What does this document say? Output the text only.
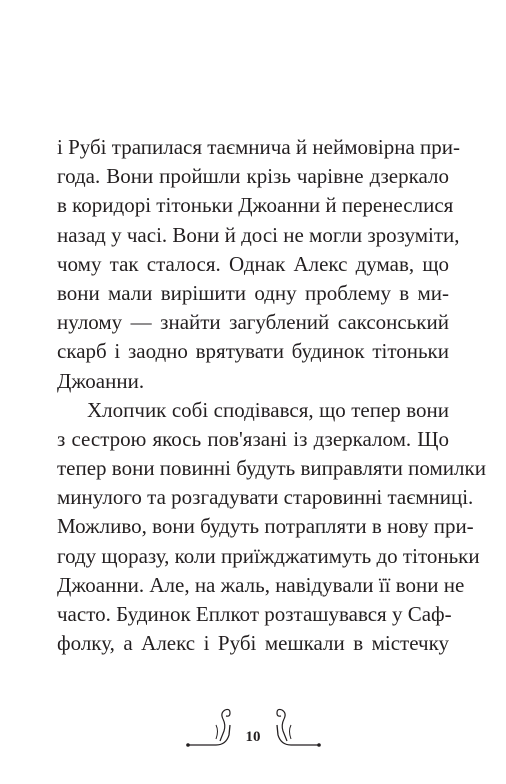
і Рубі трапилася таємнича й неймовірна при-
года. Вони пройшли крізь чарівне дзеркало
в коридорі тітоньки Джоанни й перенеслися
назад у часі. Вони й досі не могли зрозуміти,
чому так сталося. Однак Алекс думав, що
вони мали вирішити одну проблему в ми-
нулому — знайти загублений саксонський
скарб і заодно врятувати будинок тітоньки
Джоанни.
Хлопчик собі сподівався, що тепер вони
з сестрою якось пов'язані із дзеркалом. Що
тепер вони повинні будуть виправляти помилки
минулого та розгадувати старовинні таємниці.
Можливо, вони будуть потрапляти в нову при-
году щоразу, коли приїжджатимуть до тітоньки
Джоанни. Але, на жаль, навідували її вони не
часто. Будинок Еплкот розташувався у Саф-
фолку, а Алекс і Рубі мешкали в містечку
10
